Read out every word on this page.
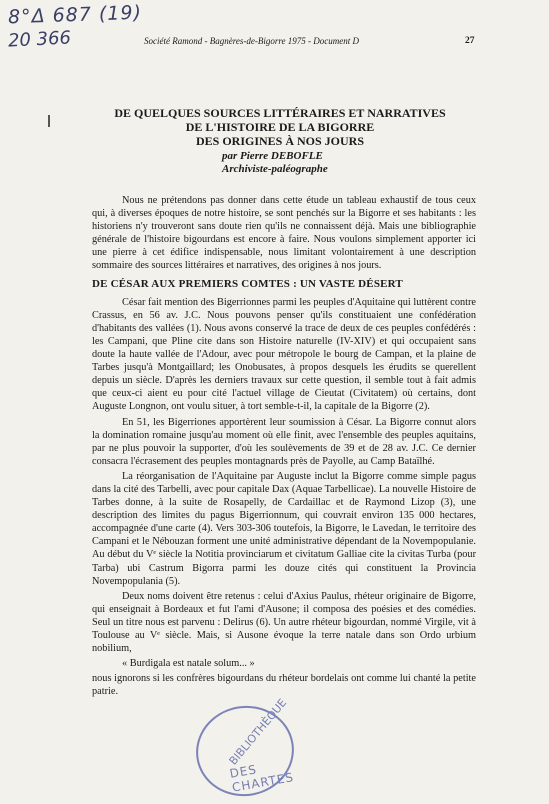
8°Δ 687 (19)
20 366	Société Ramond - Bagnères-de-Bigorre 1975 - Document D	27
DE QUELQUES SOURCES LITTÉRAIRES ET NARRATIVES
DE L'HISTOIRE DE LA BIGORRE
DES ORIGINES À NOS JOURS
par Pierre DEBOFLE
Archiviste-paléographe

Nous ne prétendons pas donner dans cette étude un tableau exhaustif de tous ceux qui, à diverses époques de notre histoire, se sont penchés sur la Bigorre et ses habitants : les historiens n'y trouveront sans doute rien qu'ils ne connaissent déjà. Mais une bibliographie générale de l'histoire bigourdans est encore à faire. Nous voulons simplement apporter ici une pierre à cet édifice indispensable, nous limitant volontairement à une description sommaire des sources littéraires et narratives, des origines à nos jours.

DE CÉSAR AUX PREMIERS COMTES : UN VASTE DÉSERT

César fait mention des Bigerrionnes parmi les peuples d'Aquitaine qui luttèrent contre Crassus, en 56 av. J.C. Nous pouvons penser qu'ils constituaient une confédération d'habitants des vallées (1). Nous avons conservé la trace de deux de ces peuples confédérés : les Campani, que Pline cite dans son Histoire naturelle (IV-XIV) et qui occupaient sans doute la haute vallée de l'Adour, avec pour métropole le bourg de Campan, et la plaine de Tarbes jusqu'à Montgaillard; les Onobusates, à propos desquels les érudits se querellent depuis un siècle. D'après les derniers travaux sur cette question, il semble tout à fait admis que ceux-ci aient eu pour cité l'actuel village de Cieutat (Civitatem) où certains, dont Auguste Longnon, ont voulu situer, à tort semble-t-il, la capitale de la Bigorre (2).

En 51, les Bigerriones apportèrent leur soumission à César. La Bigorre connut alors la domination romaine jusqu'au moment où elle finit, avec l'ensemble des peuples aquitains, par ne plus pouvoir la supporter, d'où les soulèvements de 39 et de 28 av. J.C. Ce dernier consacra l'écrasement des peuples montagnards près de Payolle, au Camp Bataïlhé.

La réorganisation de l'Aquitaine par Auguste inclut la Bigorre comme simple pagus dans la cité des Tarbelli, avec pour capitale Dax (Aquae Tarbellicae). La nouvelle Histoire de Tarbes donne, à la suite de Rosapelly, de Cardaillac et de Raymond Lizop (3), une description des limites du pagus Bigerrionnum, qui couvrait environ 135 000 hectares, accompagnée d'une carte (4). Vers 303-306 toutefois, la Bigorre, le Lavedan, le territoire des Campani et le Nébouzan forment une unité administrative dépendant de la Novempopulanie. Au début du Vᵉ siècle la Notitia provinciarum et civitatum Galliae cite la civitas Turba (pour Tarba) ubi Castrum Bigorra parmi les douze cités qui constituent la Provincia Novempopulania (5).

Deux noms doivent être retenus : celui d'Axius Paulus, rhéteur originaire de Bigorre, qui enseignait à Bordeaux et fut l'ami d'Ausone; il composa des poésies et des comédies. Seul un titre nous est parvenu : Delirus (6). Un autre rhéteur bigourdan, nommé Virgile, vit à Toulouse au Vᵉ siècle. Mais, si Ausone évoque la terre natale dans son Ordo urbium nobilium,

« Burdigala est natale solum... »

nous ignorons si les confrères bigourdans du rhéteur bordelais ont comme lui chanté la petite patrie.

BIBLIOTHÈQUE
DES CHARTES
